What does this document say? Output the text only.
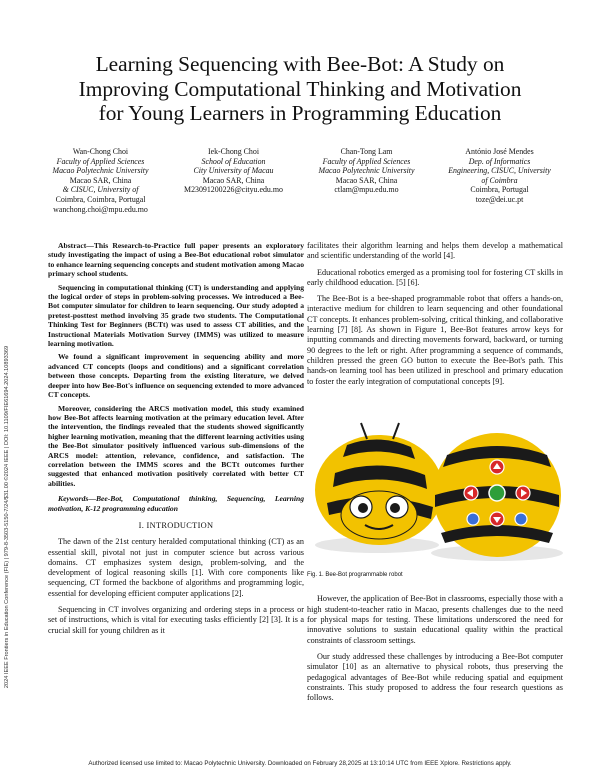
2024 IEEE Frontiers in Education Conference (FIE) | 979-8-3503-5150-7/24/$31.00 ©2024 IEEE | DOI: 10.1109/FIE61694.2024.10893369
Learning Sequencing with Bee-Bot: A Study on
Improving Computational Thinking and Motivation
for Young Learners in Programming Education
Wan-Chong Choi
Faculty of Applied Sciences
Macao Polytechnic University
Macao SAR, China
& CISUC, University of
Coimbra, Coimbra, Portugal
wanchong.choi@mpu.edu.mo
Iek-Chong Choi
School of Education
City University of Macau
Macao SAR, China
M23091200226@cityu.edu.mo
Chan-Tong Lam
Faculty of Applied Sciences
Macao Polytechnic University
Macao SAR, China
ctlam@mpu.edu.mo
António José Mendes
Dep. of Informatics
Engineering, CISUC, University
of Coimbra
Coimbra, Portugal
toze@dei.uc.pt

Abstract—This Research-to-Practice full paper presents an exploratory study investigating the impact of using a Bee-Bot educational robot simulator to enhance learning sequencing concepts and student motivation among Macao primary school students.

Sequencing in computational thinking (CT) is understanding and applying the logical order of steps in problem-solving processes. We introduced a Bee-Bot computer simulator for children to learn sequencing. Our study adopted a pretest-posttest method involving 35 grade two students. The Computational Thinking Test for Beginners (BCTt) was used to assess CT abilities, and the Instructional Materials Motivation Survey (IMMS) was utilized to measure learning motivation.

We found a significant improvement in sequencing ability and more advanced CT concepts (loops and conditions) and a significant correlation between those concepts. Departing from the existing literature, we delved deeper into how Bee-Bot's influence on sequencing extended to more advanced CT concepts.

Moreover, considering the ARCS motivation model, this study examined how Bee-Bot affects learning motivation at the primary education level. After the intervention, the findings revealed that the students showed significantly higher learning motivation, meaning that the different learning activities using the Bee-Bot simulator positively influenced various sub-dimensions of the ARCS model: attention, relevance, confidence, and satisfaction. The correlation between the IMMS scores and the BCTt outcomes further suggested that enhanced motivation positively correlated with better CT abilities.

Keywords—Bee-Bot, Computational thinking, Sequencing, Learning motivation, K-12 programming education

I. INTRODUCTION

The dawn of the 21st century heralded computational thinking (CT) as an essential skill, pivotal not just in computer science but across various domains. CT emphasizes system design, problem-solving, and the development of logical reasoning skills [1]. With core components like sequencing, CT formed the backbone of algorithms and programming logic, essential for developing efficient computer applications [2].

Sequencing in CT involves organizing and ordering steps in a process or set of instructions, which is vital for executing tasks efficiently [2] [3]. It is a crucial skill for young children as it

facilitates their algorithm learning and helps them develop a mathematical and scientific understanding of the world [4].

Educational robotics emerged as a promising tool for fostering CT skills in early childhood education. [5] [6].

The Bee-Bot is a bee-shaped programmable robot that offers a hands-on, interactive medium for children to learn sequencing and other foundational CT concepts. It enhances problem-solving, critical thinking, and collaborative learning [7] [8]. As shown in Figure 1, Bee-Bot features arrow keys for inputting commands and directing movements forward, backward, or turning 90 degrees to the left or right. After programming a sequence of commands, children pressed the green GO button to execute the Bee-Bot's path. This hands-on learning tool has been utilized in preschool and primary education to foster the early integration of computational concepts [9].

Fig. 1. Bee-Bot programmable robot

However, the application of Bee-Bot in classrooms, especially those with a high student-to-teacher ratio in Macao, presents challenges due to the need for physical maps for testing. These limitations underscored the need for innovative solutions to sustain educational quality within the practical constraints of classroom settings.

Our study addressed these challenges by introducing a Bee-Bot computer simulator [10] as an alternative to physical robots, thus preserving the pedagogical advantages of Bee-Bot while reducing spatial and equipment constraints. This study proposed to address the four research questions as follows.

Authorized licensed use limited to: Macao Polytechnic University. Downloaded on February 28,2025 at 13:10:14 UTC from IEEE Xplore. Restrictions apply.
